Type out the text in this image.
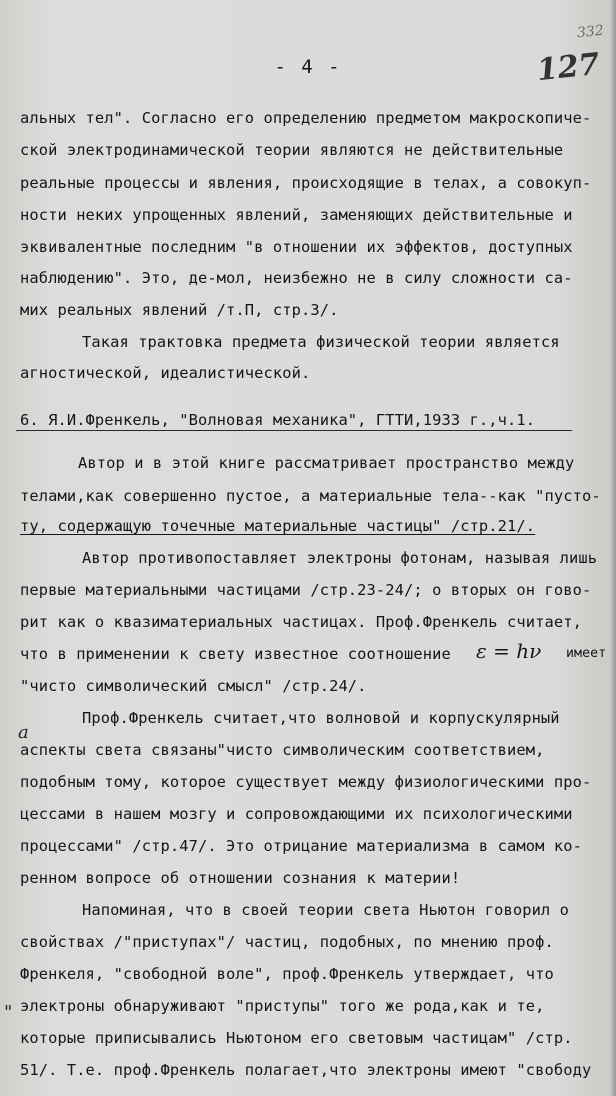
332
127
- 4 -
альных тел". Согласно его определению предметом макроскопиче-
ской электродинамической теории являются не действительные
реальные процессы и явления, происходящие в телах, а совокуп-
ности неких упрощенных явлений, заменяющих действительные и
эквивалентные последним "в отношении их эффектов, доступных
наблюдению". Это, де-мол, неизбежно не в силу сложности са-
мих реальных явлений /т.П, стр.3/.
Такая трактовка предмета физической теории является
агностической, идеалистической.
6. Я.И.Френкель, "Волновая механика", ГТТИ,1933 г.,ч.1.
Автор и в этой книге рассматривает пространство между
телами,как совершенно пустое, а материальные тела--как "пусто-
ту, содержащую точечные материальные частицы" /стр.21/.
Автор противопоставляет электроны фотонам, называя лишь
первые материальными частицами /стр.23-24/; о вторых он гово-
рит как о квазиматериальных частицах. Проф.Френкель считает,
что в применении к свету известное соотношение ε = hν имеет
"чисто символический смысл" /стр.24/.
Проф.Френкель считает,что волновой и корпускулярный
a
аспекты света связаны"чисто символическим соответствием,
подобным тому, которое существует между физиологическими про-
цессами в нашем мозгу и сопровождающими их психологическими
процессами" /стр.47/. Это отрицание материализма в самом ко-
ренном вопросе об отношении сознания к материи!
Напоминая, что в своей теории света Ньютон говорил о
свойствах /"приступах"/ частиц, подобных, по мнению проф.
Френкеля, "свободной воле", проф.Френкель утверждает, что
" электроны обнаруживают "приступы" того же рода,как и те,
которые приписывались Ньютоном его световым частицам" /стр.
51/. Т.е. проф.Френкель полагает,что электроны имеют "свободу
